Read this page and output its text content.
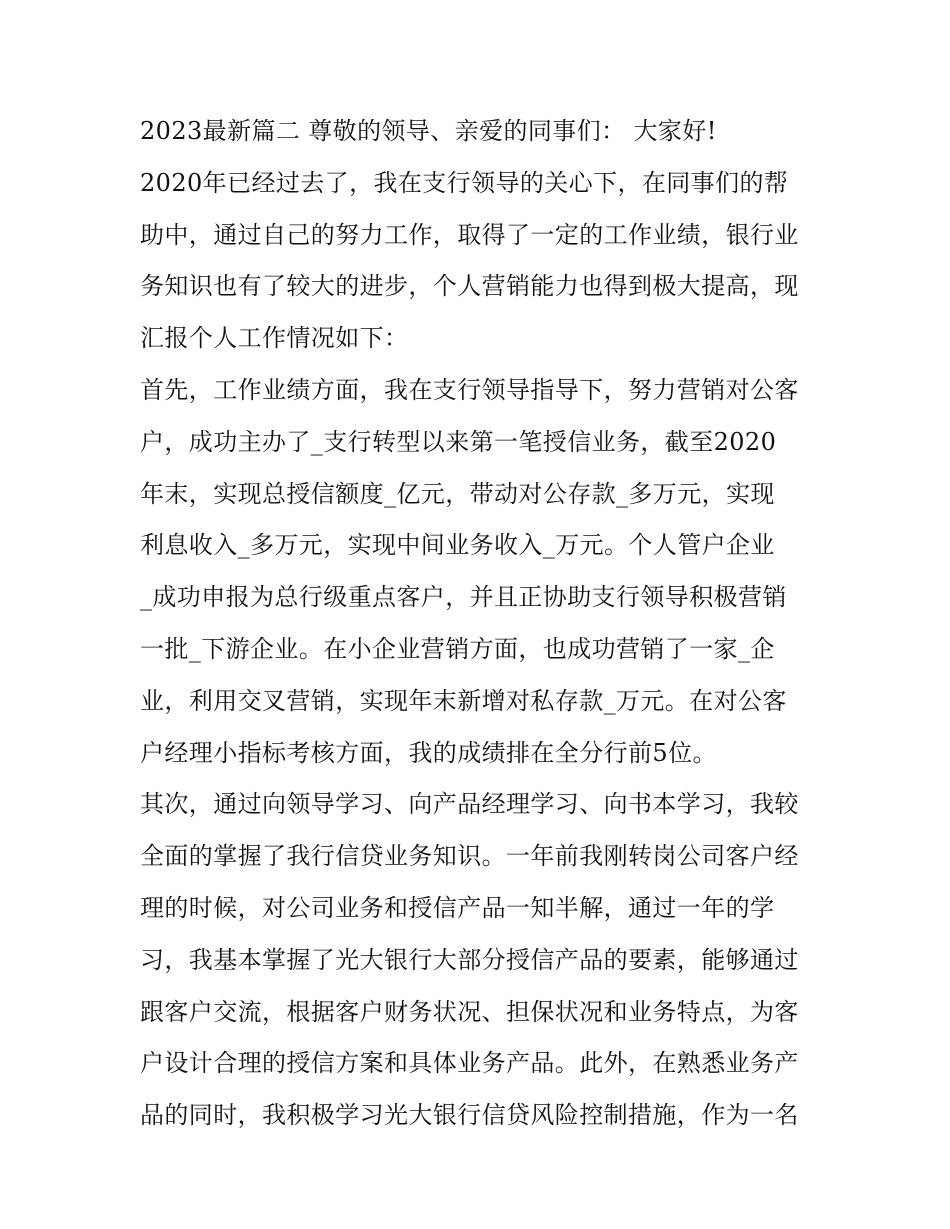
2023最新篇二 尊敬的领导、亲爱的同事们： 大家好!
2020年已经过去了，我在支行领导的关心下，在同事们的帮
助中，通过自己的努力工作，取得了一定的工作业绩，银行业
务知识也有了较大的进步，个人营销能力也得到极大提高，现
汇报个人工作情况如下：
首先，工作业绩方面，我在支行领导指导下，努力营销对公客
户，成功主办了_支行转型以来第一笔授信业务，截至2020
年末，实现总授信额度_亿元，带动对公存款_多万元，实现
利息收入_多万元，实现中间业务收入_万元。个人管户企业
_成功申报为总行级重点客户，并且正协助支行领导积极营销
一批_下游企业。在小企业营销方面，也成功营销了一家_企
业，利用交叉营销，实现年末新增对私存款_万元。在对公客
户经理小指标考核方面，我的成绩排在全分行前5位。
其次，通过向领导学习、向产品经理学习、向书本学习，我较
全面的掌握了我行信贷业务知识。一年前我刚转岗公司客户经
理的时候，对公司业务和授信产品一知半解，通过一年的学
习，我基本掌握了光大银行大部分授信产品的要素，能够通过
跟客户交流，根据客户财务状况、担保状况和业务特点，为客
户设计合理的授信方案和具体业务产品。此外，在熟悉业务产
品的同时，我积极学习光大银行信贷风险控制措施，作为一名
